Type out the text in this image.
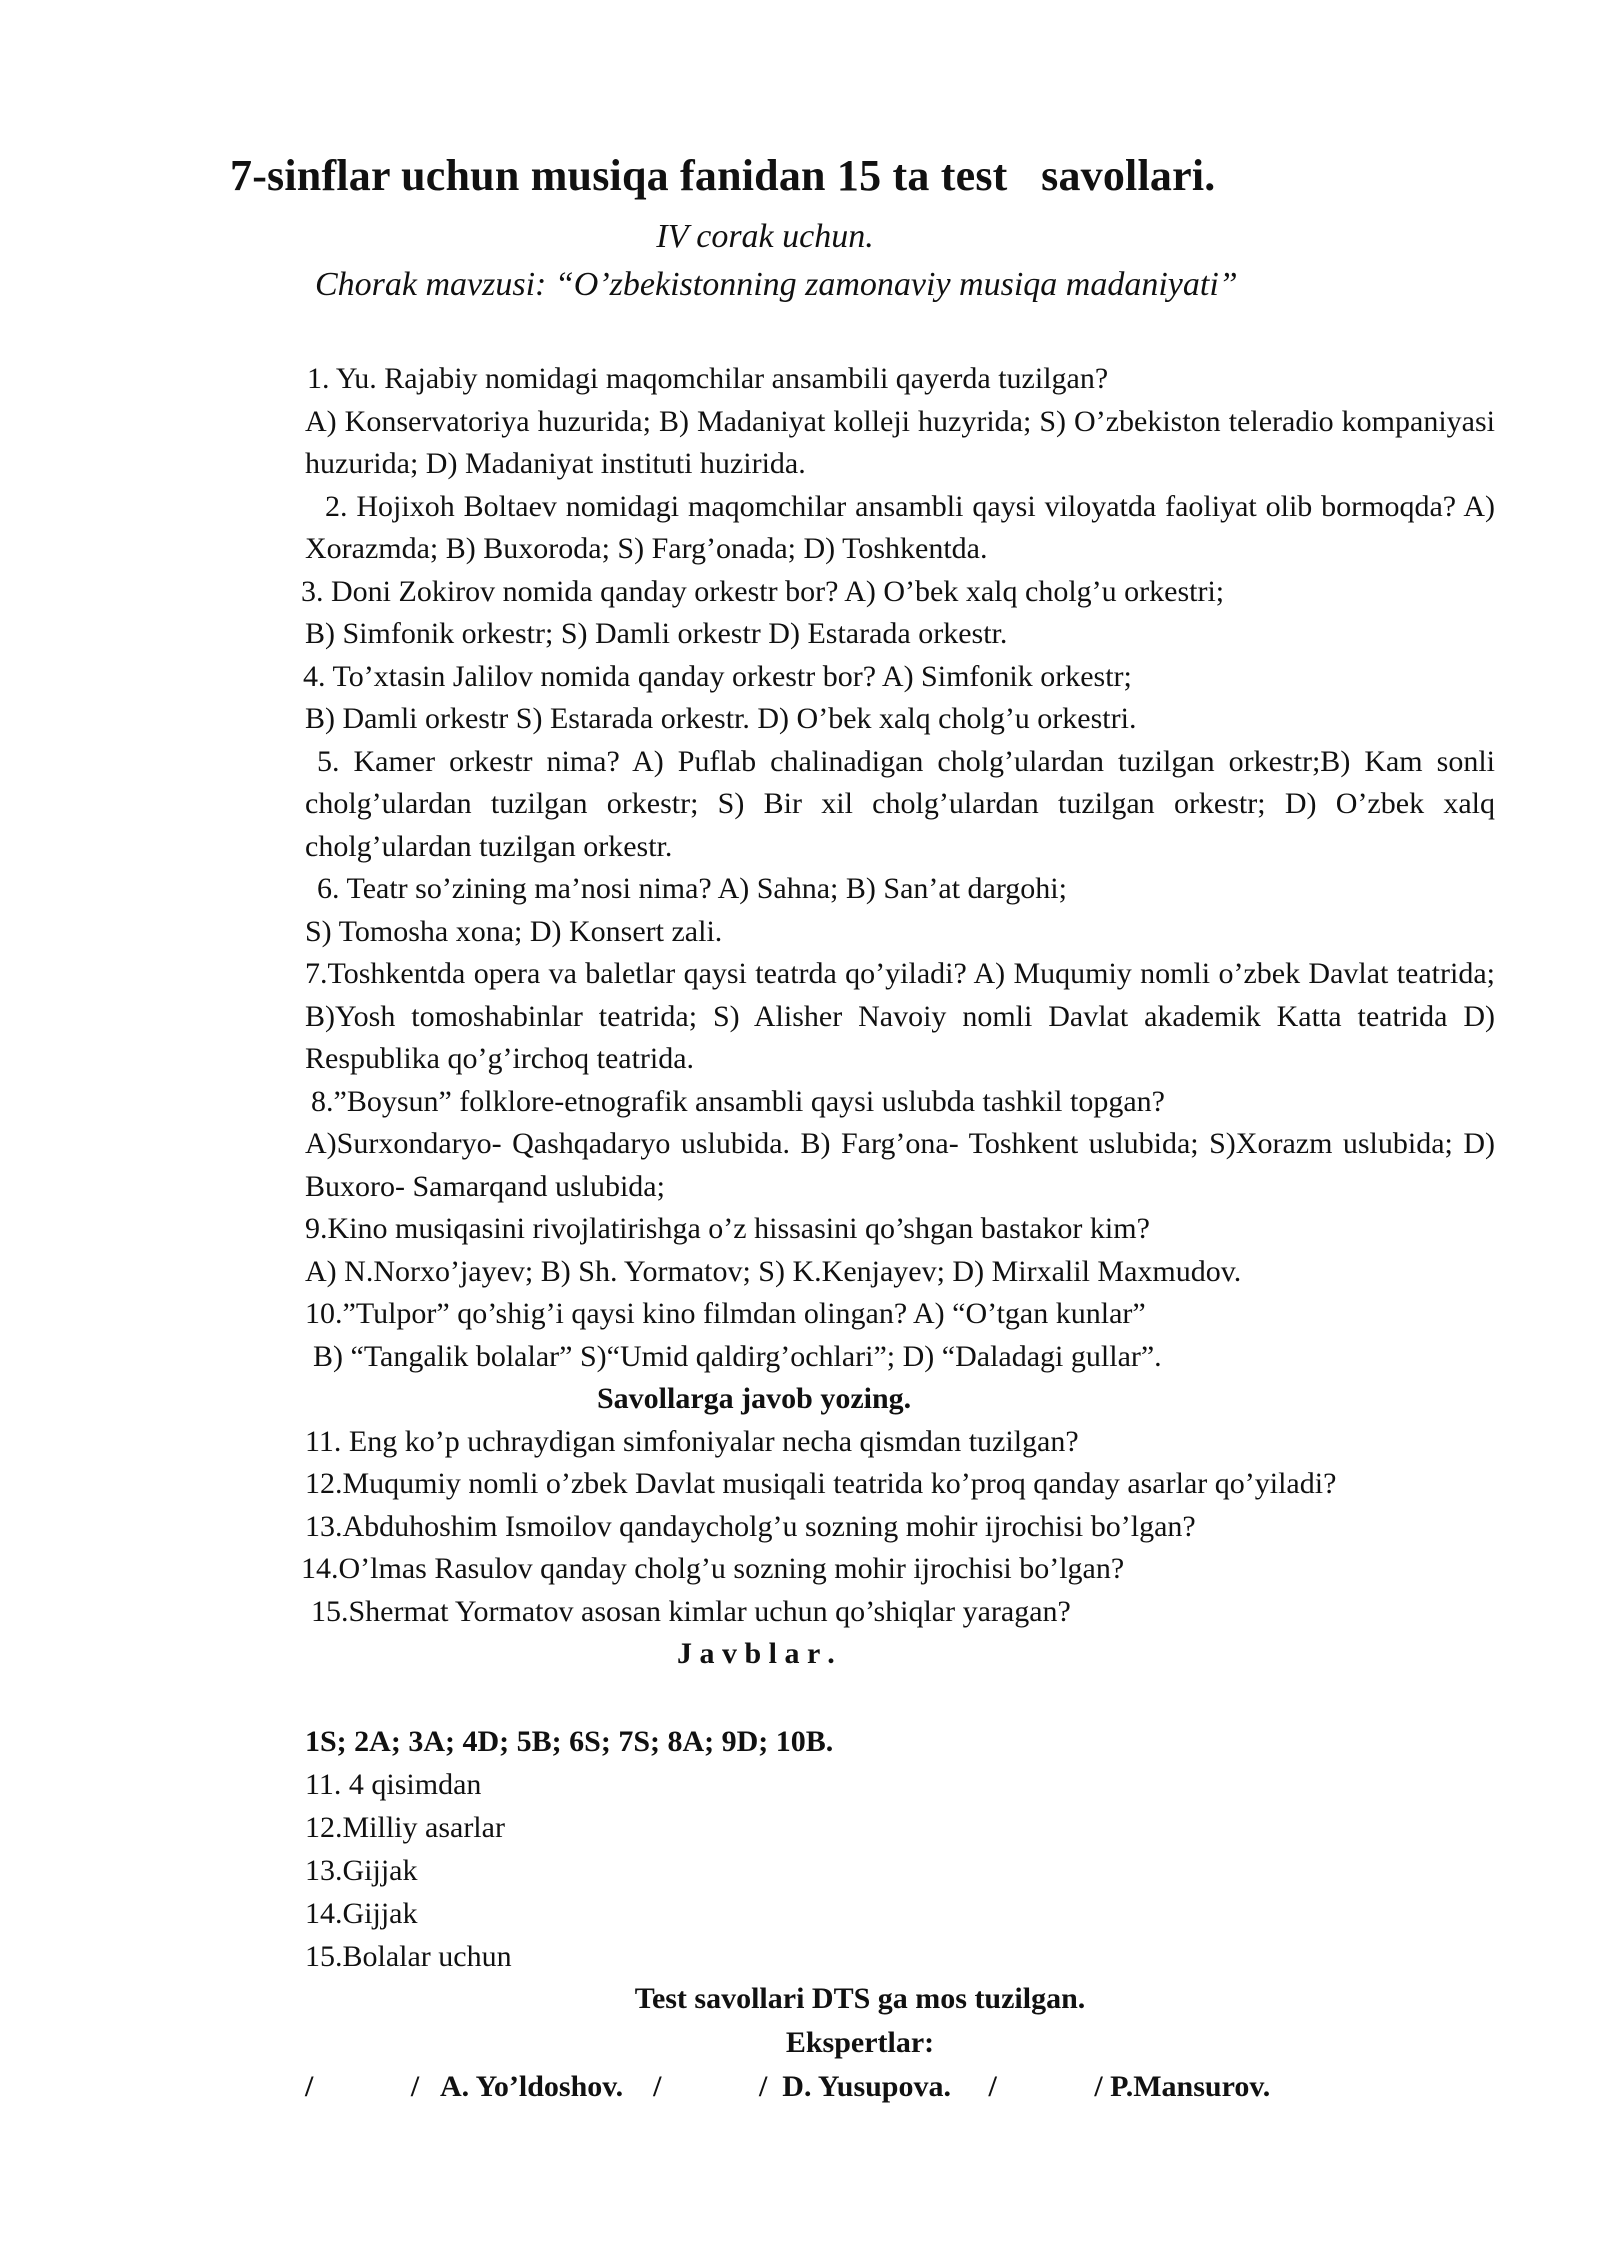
7-sinflar uchun musiqa fanidan 15 ta test   savollari.
IV corak uchun.
Chorak mavzusi: “O’zbekistonning zamonaviy musiqa madaniyati”

1. Yu. Rajabiy nomidagi maqomchilar ansambili qayerda tuzilgan?

A) Konservatoriya huzurida; B) Madaniyat kolleji huzyrida; S) O’zbekiston teleradio kompaniyasi huzurida; D) Madaniyat instituti huzirida.

2. Hojixoh Boltaev nomidagi maqomchilar ansambli qaysi viloyatda faoliyat olib bormoqda? A) Xorazmda; B) Buxoroda; S) Farg’onada; D) Toshkentda.

3. Doni Zokirov nomida qanday orkestr bor? A) O’bek xalq cholg’u orkestri;

B) Simfonik orkestr; S) Damli orkestr D) Estarada orkestr.

4. To’xtasin Jalilov nomida qanday orkestr bor? A) Simfonik orkestr;

B) Damli orkestr S) Estarada orkestr. D) O’bek xalq cholg’u orkestri.

5. Kamer orkestr nima? A) Puflab chalinadigan cholg’ulardan tuzilgan orkestr;B) Kam sonli cholg’ulardan tuzilgan orkestr; S) Bir xil cholg’ulardan tuzilgan orkestr; D) O’zbek xalq cholg’ulardan tuzilgan orkestr.

6. Teatr so’zining ma’nosi nima? A) Sahna; B) San’at dargohi;

S) Tomosha xona; D) Konsert zali.

7.Toshkentda opera va baletlar qaysi teatrda qo’yiladi? A) Muqumiy nomli o’zbek Davlat teatrida; B)Yosh tomoshabinlar teatrida; S) Alisher Navoiy nomli Davlat akademik Katta teatrida D) Respublika qo’g’irchoq teatrida.

8.”Boysun” folklore-etnografik ansambli qaysi uslubda tashkil topgan?

A)Surxondaryo- Qashqadaryo uslubida. B) Farg’ona- Toshkent uslubida; S)Xorazm uslubida; D) Buxoro- Samarqand uslubida;

9.Kino musiqasini rivojlatirishga o’z hissasini qo’shgan bastakor kim?

A) N.Norxo’jayev; B) Sh. Yormatov; S) K.Kenjayev; D) Mirxalil Maxmudov.

10.”Tulpor” qo’shig’i qaysi kino filmdan olingan? A) “O’tgan kunlar”

B) “Tangalik bolalar” S)“Umid qaldirg’ochlari”; D) “Daladagi gullar”.

Savollarga javob yozing.

11. Eng ko’p uchraydigan simfoniyalar necha qismdan tuzilgan?

12.Muqumiy nomli o’zbek Davlat musiqali teatrida ko’proq qanday asarlar qo’yiladi?

13.Abduhoshim Ismoilov qandaycholg’u sozning mohir ijrochisi bo’lgan?

14.O’lmas Rasulov qanday cholg’u sozning mohir ijrochisi bo’lgan?

15.Shermat Yormatov asosan kimlar uchun qo’shiqlar yaragan?

J a v b l a r .

1S; 2A; 3A; 4D; 5B; 6S; 7S; 8A; 9D; 10B.

11. 4 qisimdan

12.Milliy asarlar

13.Gijjak

14.Gijjak

15.Bolalar uchun

Test savollari DTS ga mos tuzilgan.
Ekspertlar:
/             /   A. Yo’ldoshov.    /             /  D. Yusupova.     /             / P.Mansurov.
